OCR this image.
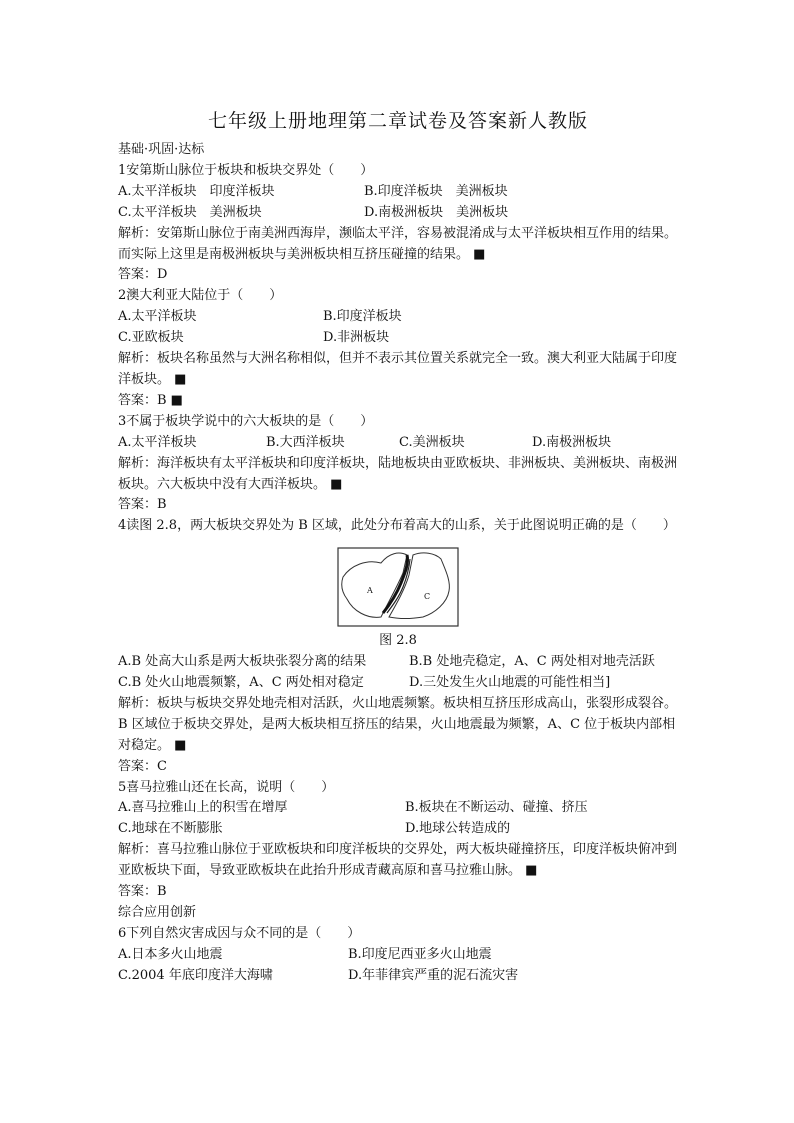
七年级上册地理第二章试卷及答案新人教版
基础·巩固·达标
1安第斯山脉位于板块和板块交界处（　　）
A.太平洋板块　印度洋板块	B.印度洋板块　美洲板块
C.太平洋板块　美洲板块	D.南极洲板块　美洲板块
解析：安第斯山脉位于南美洲西海岸，濒临太平洋，容易被混淆成与太平洋板块相互作用的结果。而实际上这里是南极洲板块与美洲板块相互挤压碰撞的结果。 ■
答案：D
2澳大利亚大陆位于（　　）
A.太平洋板块	B.印度洋板块
C.亚欧板块	D.非洲板块
解析：板块名称虽然与大洲名称相似，但并不表示其位置关系就完全一致。澳大利亚大陆属于印度洋板块。 ■
答案：B ■
3不属于板块学说中的六大板块的是（　　）
A.太平洋板块	B.大西洋板块	C.美洲板块	D.南极洲板块
解析：海洋板块有太平洋板块和印度洋板块，陆地板块由亚欧板块、非洲板块、美洲板块、南极洲板块。六大板块中没有大西洋板块。 ■
答案：B
4读图 2.8，两大板块交界处为 B 区域，此处分布着高大的山系，关于此图说明正确的是（　　）
A
C
图 2.8
A.B 处高大山系是两大板块张裂分离的结果	B.B 处地壳稳定，A、C 两处相对地壳活跃
C.B 处火山地震频繁，A、C 两处相对稳定	D.三处发生火山地震的可能性相当]
解析：板块与板块交界处地壳相对活跃，火山地震频繁。板块相互挤压形成高山，张裂形成裂谷。B 区域位于板块交界处，是两大板块相互挤压的结果，火山地震最为频繁，A、C 位于板块内部相对稳定。 ■
答案：C
5喜马拉雅山还在长高，说明（　　）
A.喜马拉雅山上的积雪在增厚	B.板块在不断运动、碰撞、挤压
C.地球在不断膨胀	D.地球公转造成的
解析：喜马拉雅山脉位于亚欧板块和印度洋板块的交界处，两大板块碰撞挤压，印度洋板块俯冲到亚欧板块下面，导致亚欧板块在此抬升形成青藏高原和喜马拉雅山脉。 ■
答案：B
综合应用创新
6下列自然灾害成因与众不同的是（　　）
A.日本多火山地震	B.印度尼西亚多火山地震
C.2004 年底印度洋大海啸	D.年菲律宾严重的泥石流灾害
